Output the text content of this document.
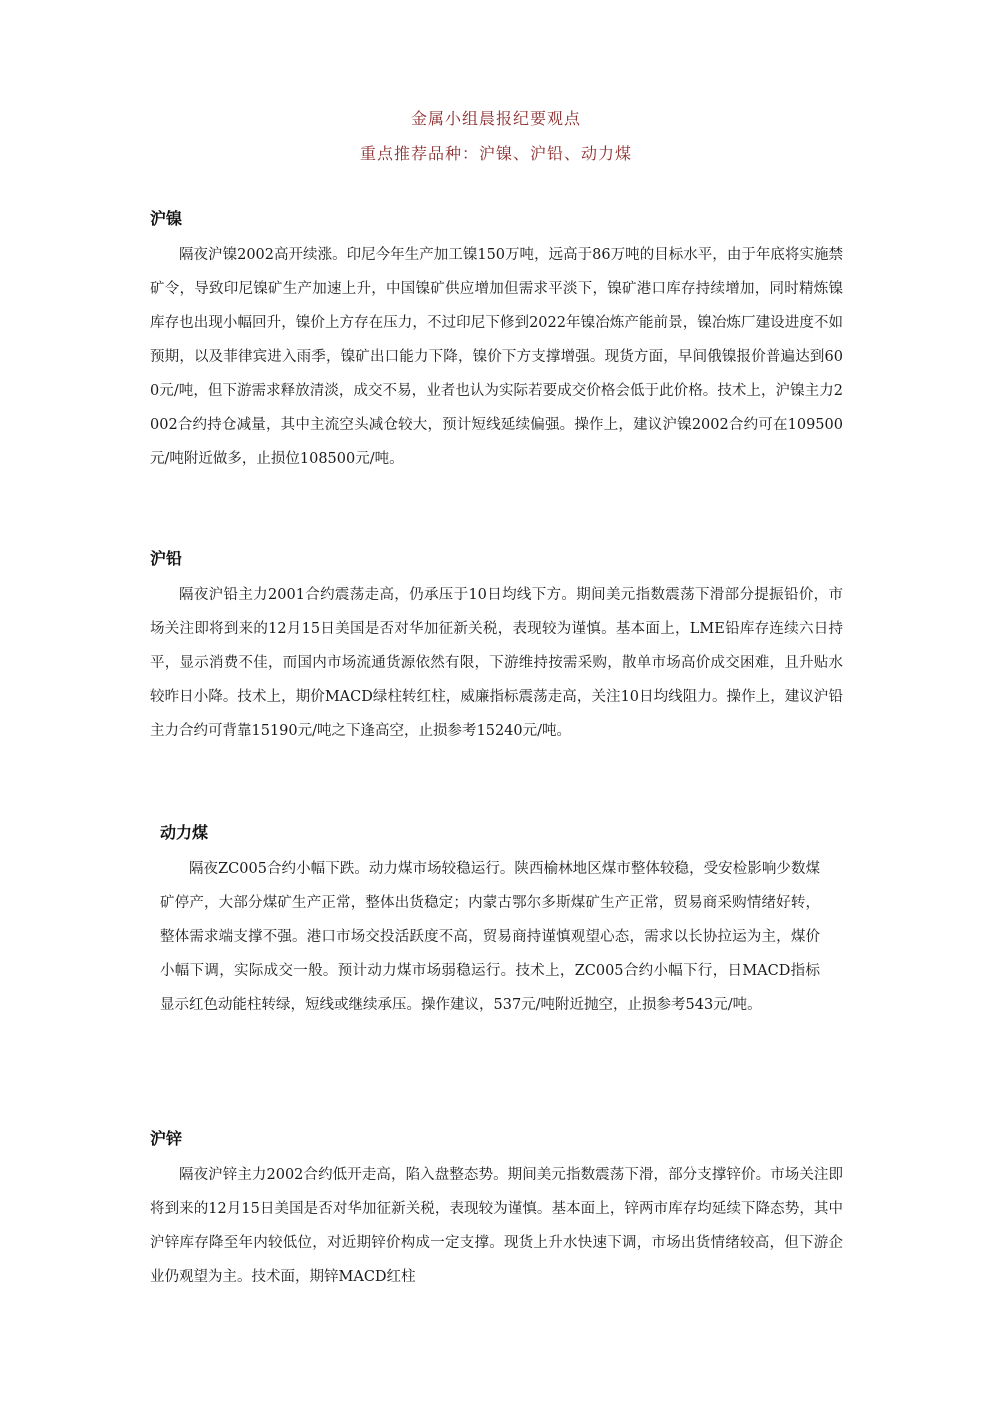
金属小组晨报纪要观点
重点推荐品种：沪镍、沪铅、动力煤
沪镍

隔夜沪镍2002高开续涨。印尼今年生产加工镍150万吨，远高于86万吨的目标水平，由于年底将实施禁矿令，导致印尼镍矿生产加速上升，中国镍矿供应增加但需求平淡下，镍矿港口库存持续增加，同时精炼镍库存也出现小幅回升，镍价上方存在压力，不过印尼下修到2022年镍冶炼产能前景，镍冶炼厂建设进度不如预期，以及菲律宾进入雨季，镍矿出口能力下降，镍价下方支撑增强。现货方面，早间俄镍报价普遍达到600元/吨，但下游需求释放清淡，成交不易，业者也认为实际若要成交价格会低于此价格。技术上，沪镍主力2002合约持仓减量，其中主流空头减仓较大，预计短线延续偏强。操作上，建议沪镍2002合约可在109500元/吨附近做多，止损位108500元/吨。

沪铅

隔夜沪铅主力2001合约震荡走高，仍承压于10日均线下方。期间美元指数震荡下滑部分提振铅价，市场关注即将到来的12月15日美国是否对华加征新关税，表现较为谨慎。基本面上，LME铅库存连续六日持平，显示消费不佳，而国内市场流通货源依然有限，下游维持按需采购，散单市场高价成交困难，且升贴水较昨日小降。技术上，期价MACD绿柱转红柱，威廉指标震荡走高，关注10日均线阻力。操作上，建议沪铅主力合约可背靠15190元/吨之下逢高空，止损参考15240元/吨。

动力煤

隔夜ZC005合约小幅下跌。动力煤市场较稳运行。陕西榆林地区煤市整体较稳，受安检影响少数煤矿停产，大部分煤矿生产正常，整体出货稳定；内蒙古鄂尔多斯煤矿生产正常，贸易商采购情绪好转，整体需求端支撑不强。港口市场交投活跃度不高，贸易商持谨慎观望心态，需求以长协拉运为主，煤价小幅下调，实际成交一般。预计动力煤市场弱稳运行。技术上，ZC005合约小幅下行，日MACD指标显示红色动能柱转绿，短线或继续承压。操作建议，537元/吨附近抛空，止损参考543元/吨。

沪锌

隔夜沪锌主力2002合约低开走高，陷入盘整态势。期间美元指数震荡下滑，部分支撑锌价。市场关注即将到来的12月15日美国是否对华加征新关税，表现较为谨慎。基本面上，锌两市库存均延续下降态势，其中沪锌库存降至年内较低位，对近期锌价构成一定支撑。现货上升水快速下调，市场出货情绪较高，但下游企业仍观望为主。技术面，期锌MACD红柱
